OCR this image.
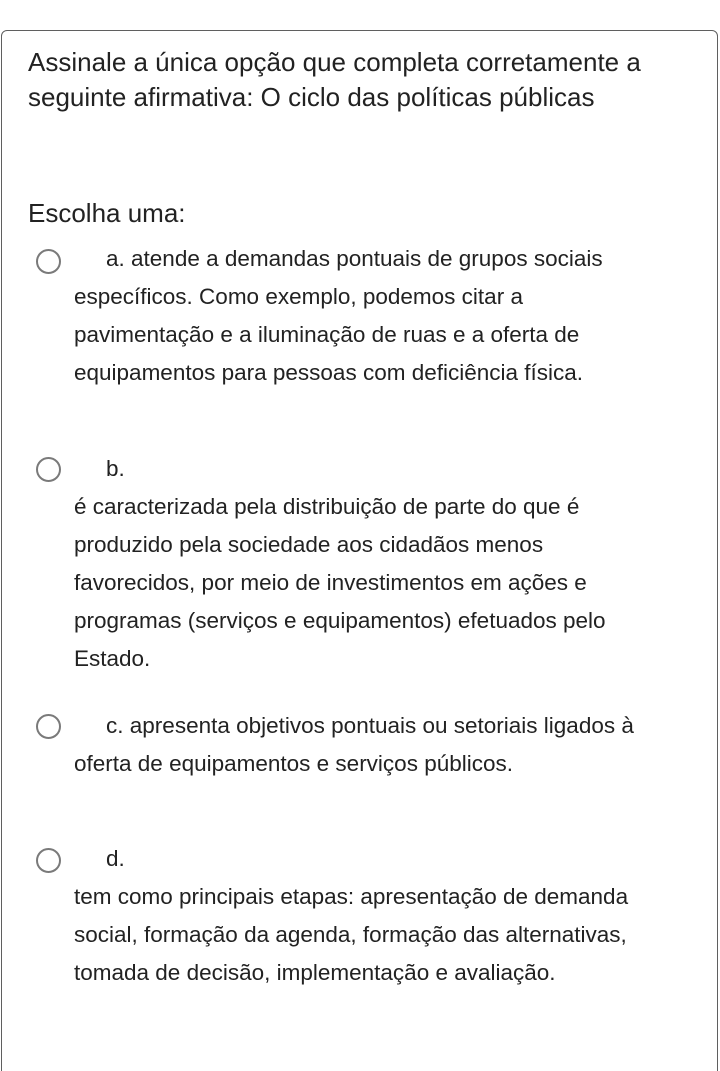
Assinale a única opção que completa corretamente a seguinte afirmativa: O ciclo das políticas públicas
Escolha uma:
a. atende a demandas pontuais de grupos sociais específicos. Como exemplo, podemos citar a pavimentação e a iluminação de ruas e a oferta de equipamentos para pessoas com deficiência física.
b.
é caracterizada pela distribuição de parte do que é produzido pela sociedade aos cidadãos menos favorecidos, por meio de investimentos em ações e programas (serviços e equipamentos) efetuados pelo Estado.
c. apresenta objetivos pontuais ou setoriais ligados à oferta de equipamentos e serviços públicos.
d.
tem como principais etapas: apresentação de demanda social, formação da agenda, formação das alternativas, tomada de decisão, implementação e avaliação.
